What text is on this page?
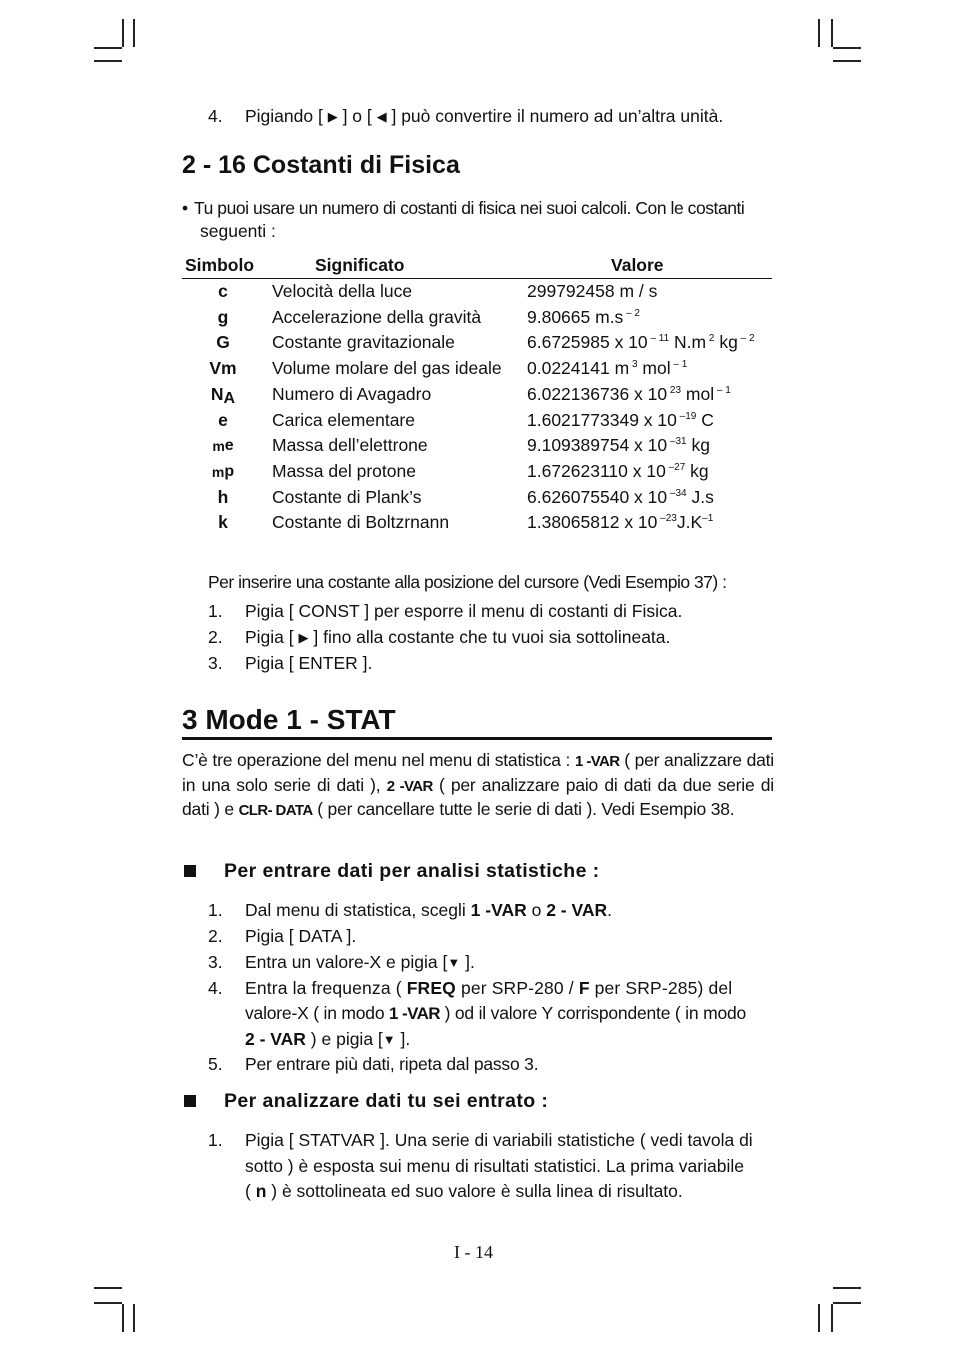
4. Pigiando [ ▶ ] o [ ◀ ] può convertire il numero ad un’altra unità.
2 - 16 Costanti di Fisica
• Tu puoi usare un numero di costanti di fisica nei suoi calcoli. Con le costanti
seguenti :
Simbolo	Significato	Valore
c	Velocità della luce	299792458 m / s
g	Accelerazione della gravità	9.80665 m.s $^{- 2}$
G	Costante gravitazionale	6.6725985 x 10 $^{- 11}$ N.m $^2$ kg $^{- 2}$
Vm	Volume molare del gas ideale 0.0224141 m $^3$ mol $^{- 1}$
NA	Numero di Avagadro	6.022136736 x 10 $^{23}$ mol $^{- 1}$
e	Carica elementare	1.6021773349 x 10 $^{-19}$ C
me	Massa dell’elettrone	9.109389754 x 10 $^{-31}$ kg
mp	Massa del protone	1.672623110 x 10 $^{-27}$ kg
h	Costante di Plank’s	6.626075540 x 10 $^{-34}$ J.s
k	Costante di Boltzrnann	1.38065812 x 10 $^{-23}J.K^{-1}$
Per inserire una costante alla posizione del cursore (Vedi Esempio 37) :
1. Pigia [ CONST ] per esporre il menu di costanti di Fisica.
2. Pigia [ ▶ ] fino alla costante che tu vuoi sia sottolineata.
3. Pigia [ ENTER ].
3 Mode 1 - STAT
C’è tre operazione del menu nel menu di statistica : 1 -VAR ( per analizzare dati in una solo serie di dati ), 2 -VAR ( per analizzare paio di dati da due serie di dati ) e CLR- DATA ( per cancellare tutte le serie di dati ). Vedi Esempio 38.
Per entrare dati per analisi statistiche :
1. Dal menu di statistica, scegli 1 -VAR o 2 - VAR.
2. Pigia [ DATA ].
3. Entra un valore-X e pigia [▼ ].
4. Entra la frequenza ( FREQ per SRP-280 / F per SRP-285) del
valore-X ( in modo 1 -VAR ) od il valore Y corrispondente ( in modo
2 - VAR ) e pigia [▼ ].
5. Per entrare più dati, ripeta dal passo 3.
Per analizzare dati tu sei entrato :
1. Pigia [ STATVAR ]. Una serie di variabili statistiche ( vedi tavola di
sotto ) è esposta sui menu di risultati statistici. La prima variabile
( n ) è sottolineata ed suo valore è sulla linea di risultato.
I - 14
